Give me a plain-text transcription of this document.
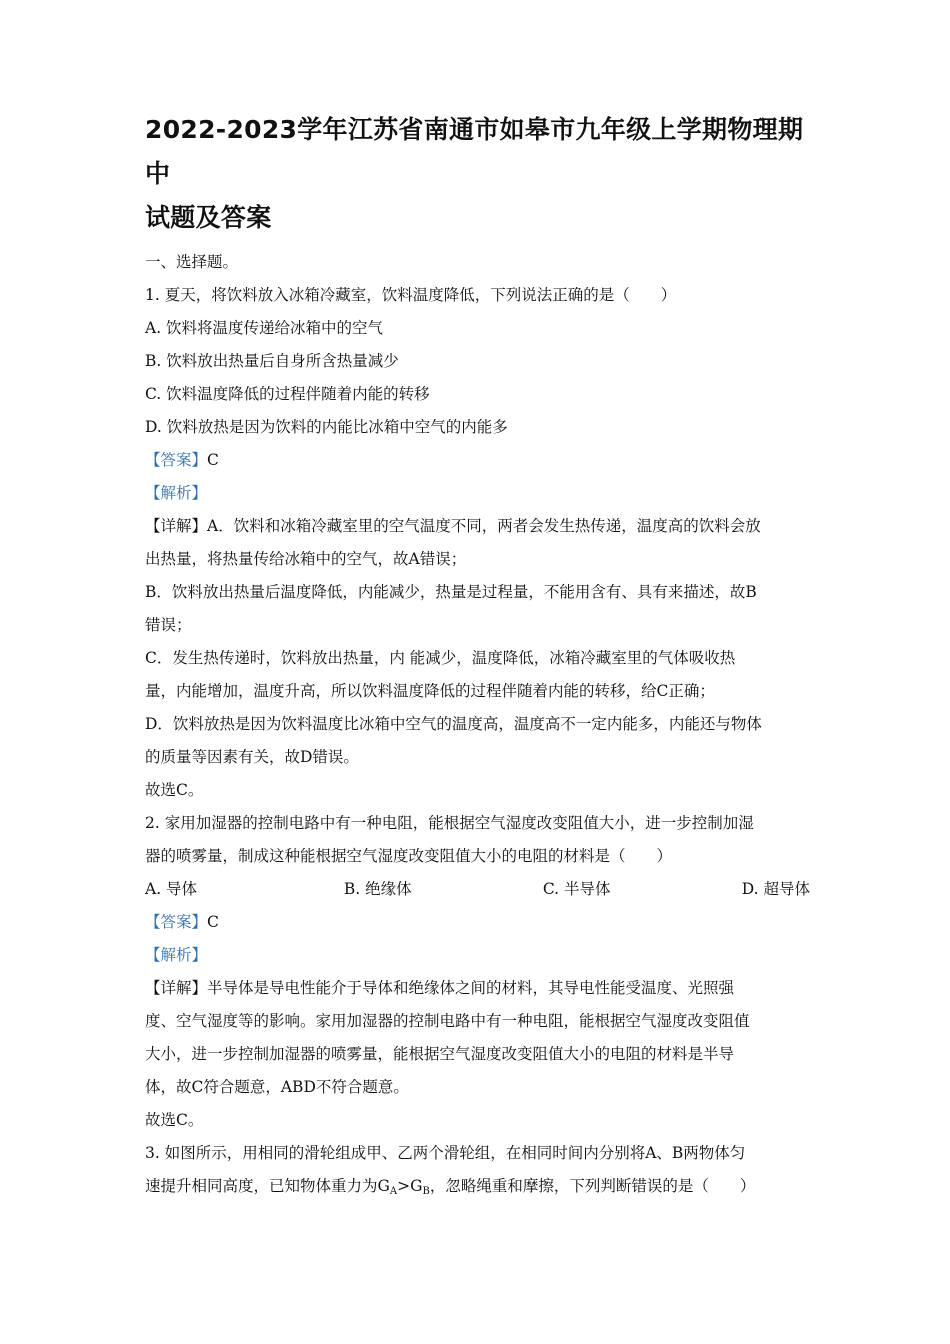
2022-2023学年江苏省南通市如皋市九年级上学期物理期中
试题及答案
一、选择题。
1. 夏天，将饮料放入冰箱冷藏室，饮料温度降低，下列说法正确的是（　　）
A. 饮料将温度传递给冰箱中的空气
B. 饮料放出热量后自身所含热量减少
C. 饮料温度降低的过程伴随着内能的转移
D. 饮料放热是因为饮料的内能比冰箱中空气的内能多
【答案】C
【解析】
【详解】A．饮料和冰箱冷藏室里的空气温度不同，两者会发生热传递，温度高的饮料会放
出热量，将热量传给冰箱中的空气，故A错误；
B．饮料放出热量后温度降低，内能减少，热量是过程量，不能用含有、具有来描述，故B
错误；
C．发生热传递时，饮料放出热量，内 能减少，温度降低，冰箱冷藏室里的气体吸收热
量，内能增加，温度升高，所以饮料温度降低的过程伴随着内能的转移，给C正确；
D．饮料放热是因为饮料温度比冰箱中空气的温度高，温度高不一定内能多，内能还与物体
的质量等因素有关，故D错误。
故选C。
2. 家用加湿器的控制电路中有一种电阻，能根据空气湿度改变阻值大小，进一步控制加湿
器的喷雾量，制成这种能根据空气湿度改变阻值大小的电阻的材料是（　　）
A. 导体	B. 绝缘体	C. 半导体	D. 超导体
【答案】C
【解析】
【详解】半导体是导电性能介于导体和绝缘体之间的材料，其导电性能受温度、光照强
度、空气湿度等的影响。家用加湿器的控制电路中有一种电阻，能根据空气湿度改变阻值
大小，进一步控制加湿器的喷雾量，能根据空气湿度改变阻值大小的电阻的材料是半导
体，故C符合题意，ABD不符合题意。
故选C。
3. 如图所示，用相同的滑轮组成甲、乙两个滑轮组，在相同时间内分别将A、B两物体匀
速提升相同高度，已知物体重力为$G_A>G_B$，忽略绳重和摩擦，下列判断错误的是（　　）
